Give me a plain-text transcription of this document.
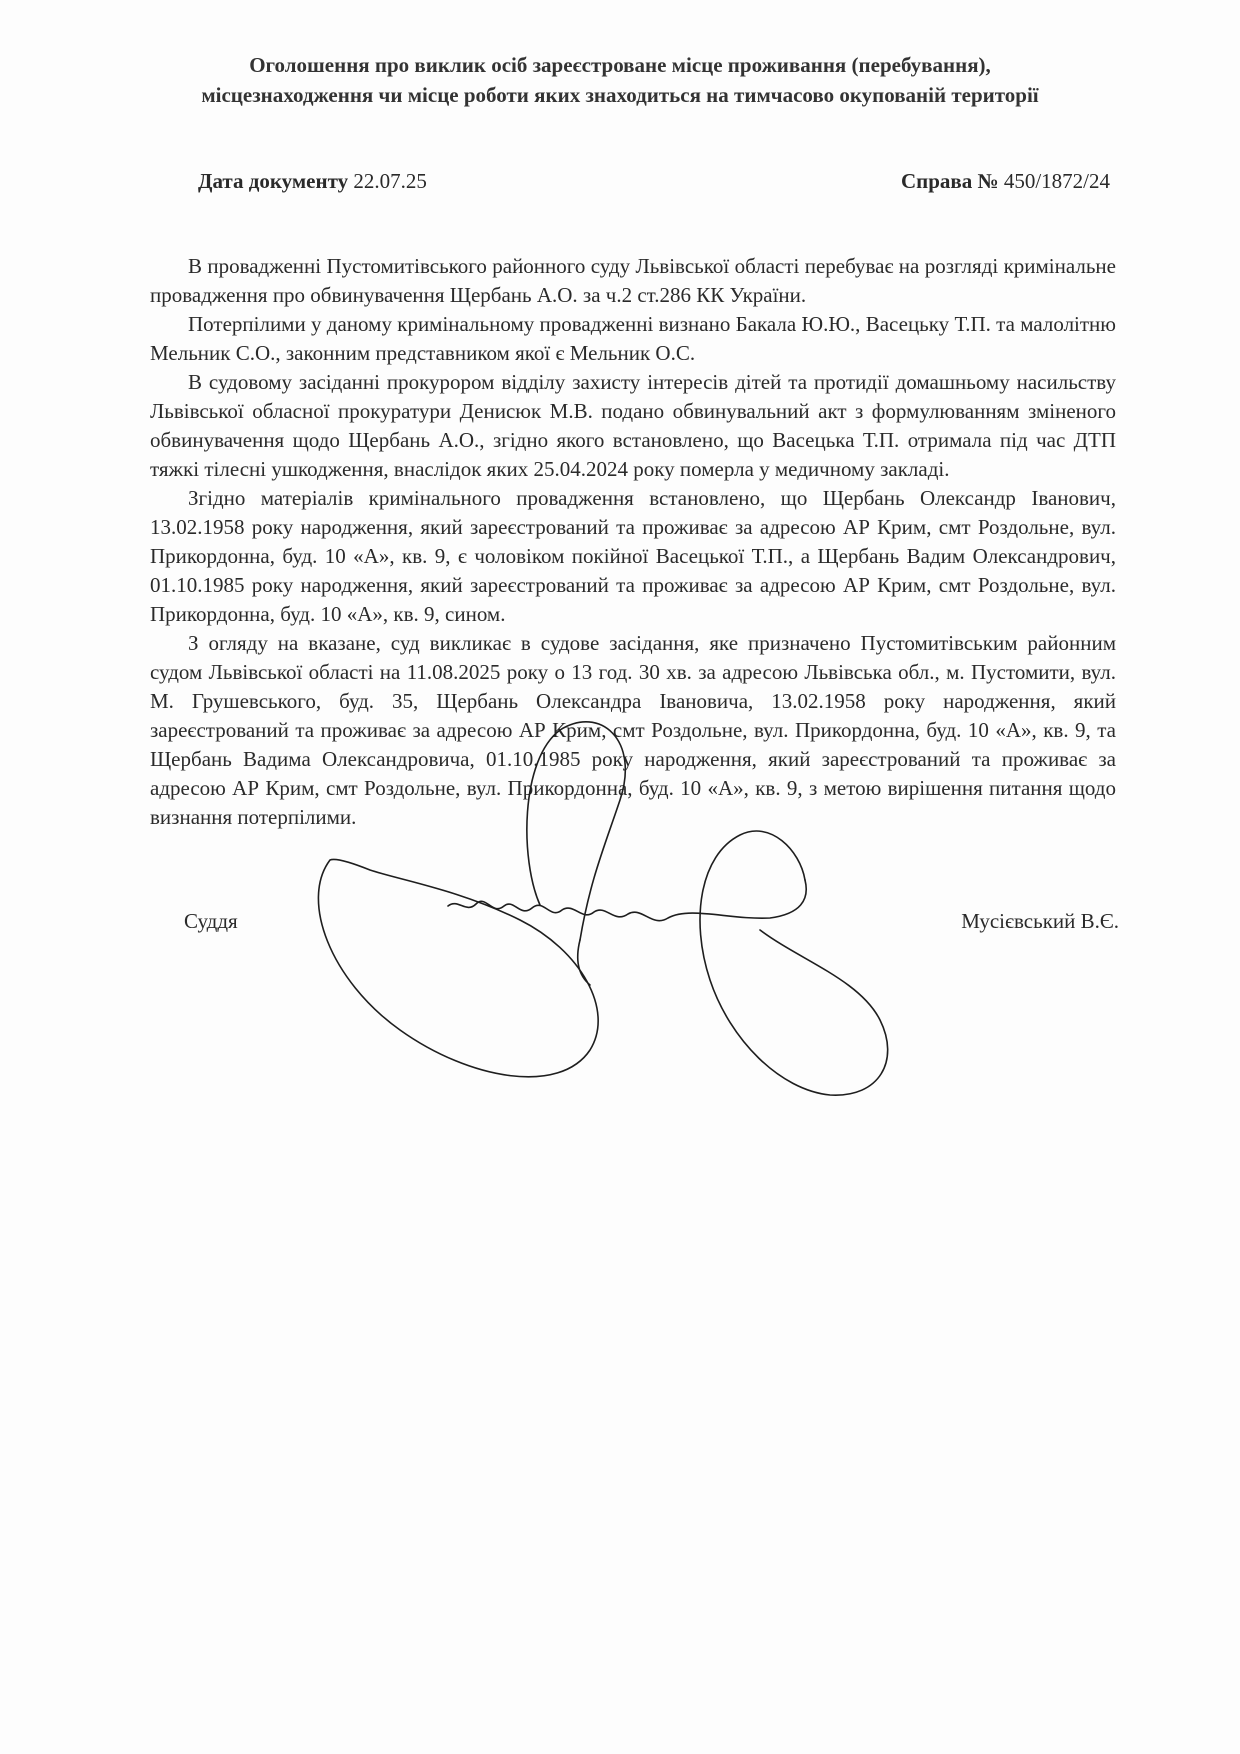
Оголошення про виклик осіб зареєстроване місце проживання (перебування),
місцезнаходження чи місце роботи яких знаходиться на тимчасово окупованій території
Дата документу 22.07.25	Справа № 450/1872/24

В провадженні Пустомитівського районного суду Львівської області перебуває на розгляді кримінальне провадження про обвинувачення Щербань А.О. за ч.2 ст.286 КК України.

Потерпілими у даному кримінальному провадженні визнано Бакала Ю.Ю., Васецьку Т.П. та малолітню Мельник С.О., законним представником якої є Мельник О.С.

В судовому засіданні прокурором відділу захисту інтересів дітей та протидії домашньому насильству Львівської обласної прокуратури Денисюк М.В. подано обвинувальний акт з формулюванням зміненого обвинувачення щодо Щербань А.О., згідно якого встановлено, що Васецька Т.П. отримала під час ДТП тяжкі тілесні ушкодження, внаслідок яких 25.04.2024 року померла у медичному закладі.

Згідно матеріалів кримінального провадження встановлено, що Щербань Олександр Іванович, 13.02.1958 року народження, який зареєстрований та проживає за адресою АР Крим, смт Роздольне, вул. Прикордонна, буд. 10 «А», кв. 9, є чоловіком покійної Васецької Т.П., а Щербань Вадим Олександрович, 01.10.1985 року народження, який зареєстрований та проживає за адресою АР Крим, смт Роздольне, вул. Прикордонна, буд. 10 «А», кв. 9, сином.

З огляду на вказане, суд викликає в судове засідання, яке призначено Пустомитівським районним судом Львівської області на 11.08.2025 року о 13 год. 30 хв. за адресою Львівська обл., м. Пустомити, вул. М. Грушевського, буд. 35, Щербань Олександра Івановича, 13.02.1958 року народження, який зареєстрований та проживає за адресою АР Крим, смт Роздольне, вул. Прикордонна, буд. 10 «А», кв. 9, та Щербань Вадима Олександровича, 01.10.1985 року народження, який зареєстрований та проживає за адресою АР Крим, смт Роздольне, вул. Прикордонна, буд. 10 «А», кв. 9, з метою вирішення питання щодо визнання потерпілими.

Суддя	Мусієвський В.Є.
